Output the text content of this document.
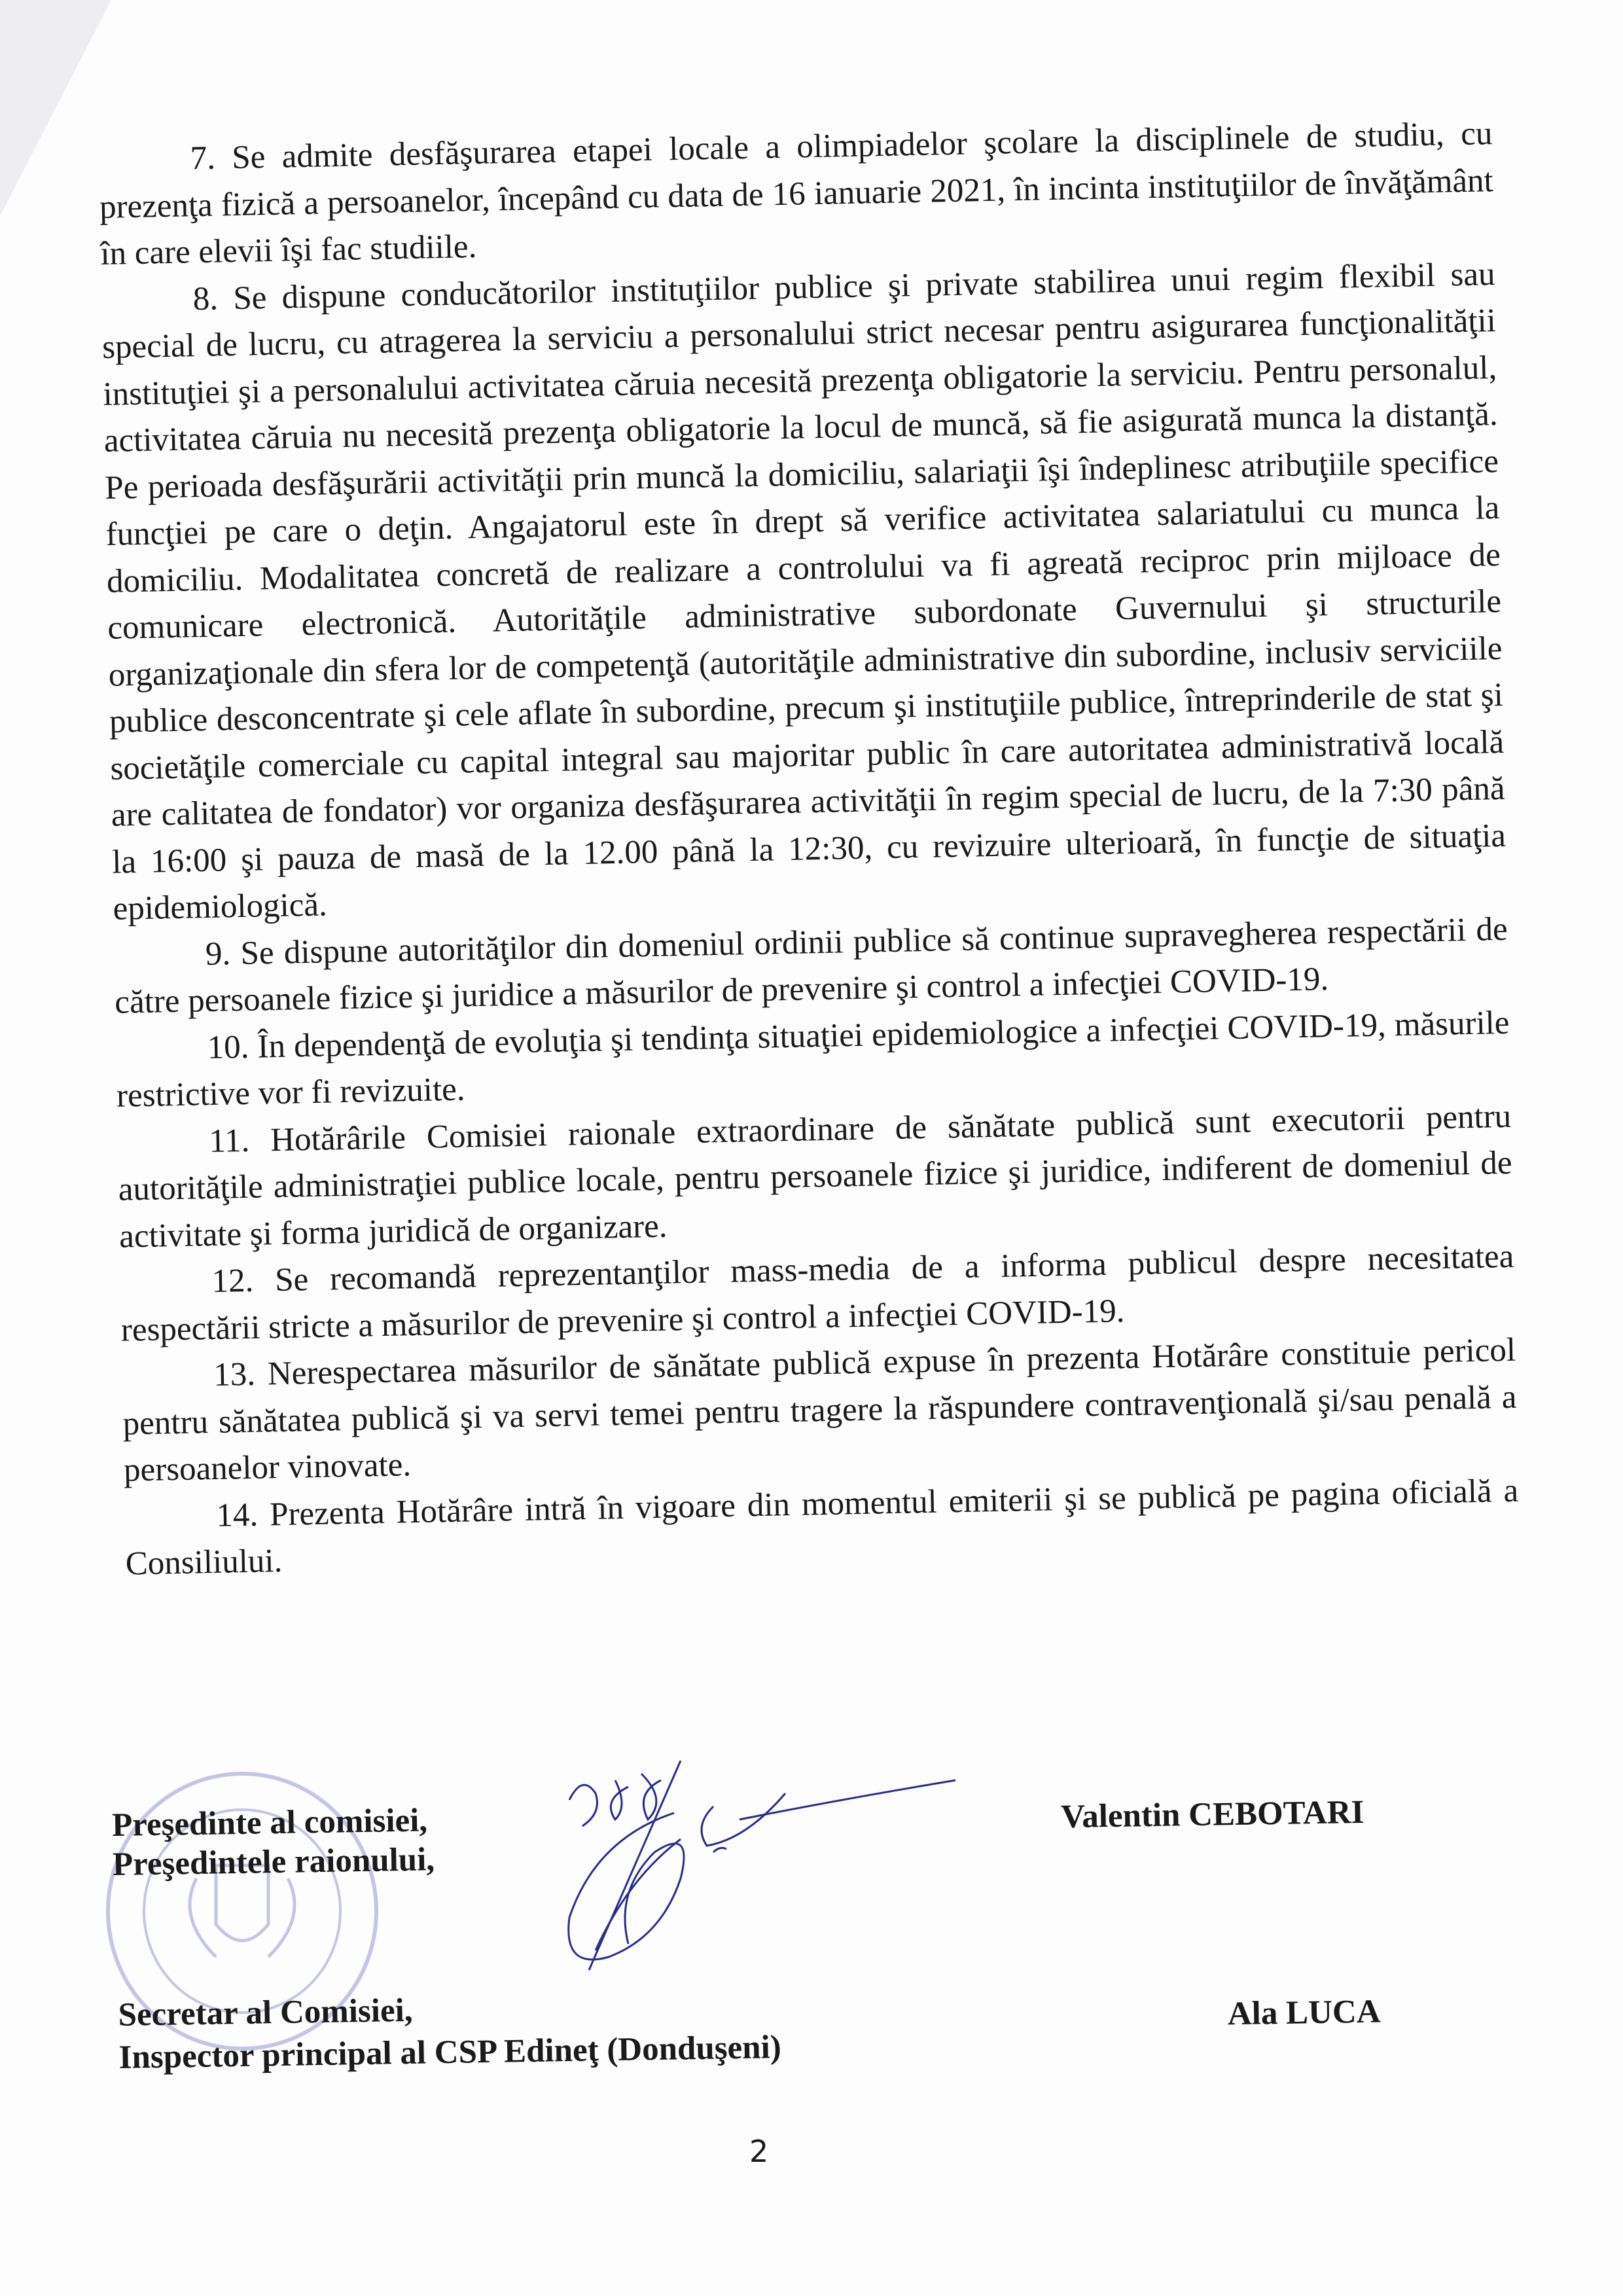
7. Se admite desfăşurarea etapei locale a olimpiadelor şcolare la disciplinele de studiu, cu prezenţa fizică a persoanelor, începând cu data de 16 ianuarie 2021, în incinta instituţiilor de învăţământ în care elevii îşi fac studiile.

8. Se dispune conducătorilor instituţiilor publice şi private stabilirea unui regim flexibil sau special de lucru, cu atragerea la serviciu a personalului strict necesar pentru asigurarea funcţionalităţii instituţiei şi a personalului activitatea căruia necesită prezenţa obligatorie la serviciu. Pentru personalul, activitatea căruia nu necesită prezenţa obligatorie la locul de muncă, să fie asigurată munca la distanţă. Pe perioada desfăşurării activităţii prin muncă la domiciliu, salariaţii îşi îndeplinesc atribuţiile specifice funcţiei pe care o deţin. Angajatorul este în drept să verifice activitatea salariatului cu munca la domiciliu. Modalitatea concretă de realizare a controlului va fi agreată reciproc prin mijloace de comunicare electronică. Autorităţile administrative subordonate Guvernului şi structurile organizaţionale din sfera lor de competenţă (autorităţile administrative din subordine, inclusiv serviciile publice desconcentrate şi cele aflate în subordine, precum şi instituţiile publice, întreprinderile de stat şi societăţile comerciale cu capital integral sau majoritar public în care autoritatea administrativă locală are calitatea de fondator) vor organiza desfăşurarea activităţii în regim special de lucru, de la 7:30 până la 16:00 şi pauza de masă de la 12.00 până la 12:30, cu revizuire ulterioară, în funcţie de situaţia epidemiologică.

9. Se dispune autorităţilor din domeniul ordinii publice să continue supravegherea respectării de către persoanele fizice şi juridice a măsurilor de prevenire şi control a infecţiei COVID-19.

10. În dependenţă de evoluţia şi tendinţa situaţiei epidemiologice a infecţiei COVID-19, măsurile restrictive vor fi revizuite.

11. Hotărârile Comisiei raionale extraordinare de sănătate publică sunt executorii pentru autorităţile administraţiei publice locale, pentru persoanele fizice şi juridice, indiferent de domeniul de activitate şi forma juridică de organizare.

12. Se recomandă reprezentanţilor mass-media de a informa publicul despre necesitatea respectării stricte a măsurilor de prevenire şi control a infecţiei COVID-19.

13. Nerespectarea măsurilor de sănătate publică expuse în prezenta Hotărâre constituie pericol pentru sănătatea publică şi va servi temei pentru tragere la răspundere contravenţională şi/sau penală a persoanelor vinovate.

14. Prezenta Hotărâre intră în vigoare din momentul emiterii şi se publică pe pagina oficială a Consiliului.

Preşedinte al comisiei,
Preşedintele raionului,
Valentin CEBOTARI
Secretar al Comisiei,
Inspector principal al CSP Edineţ (Donduşeni)
Ala LUCA
2
